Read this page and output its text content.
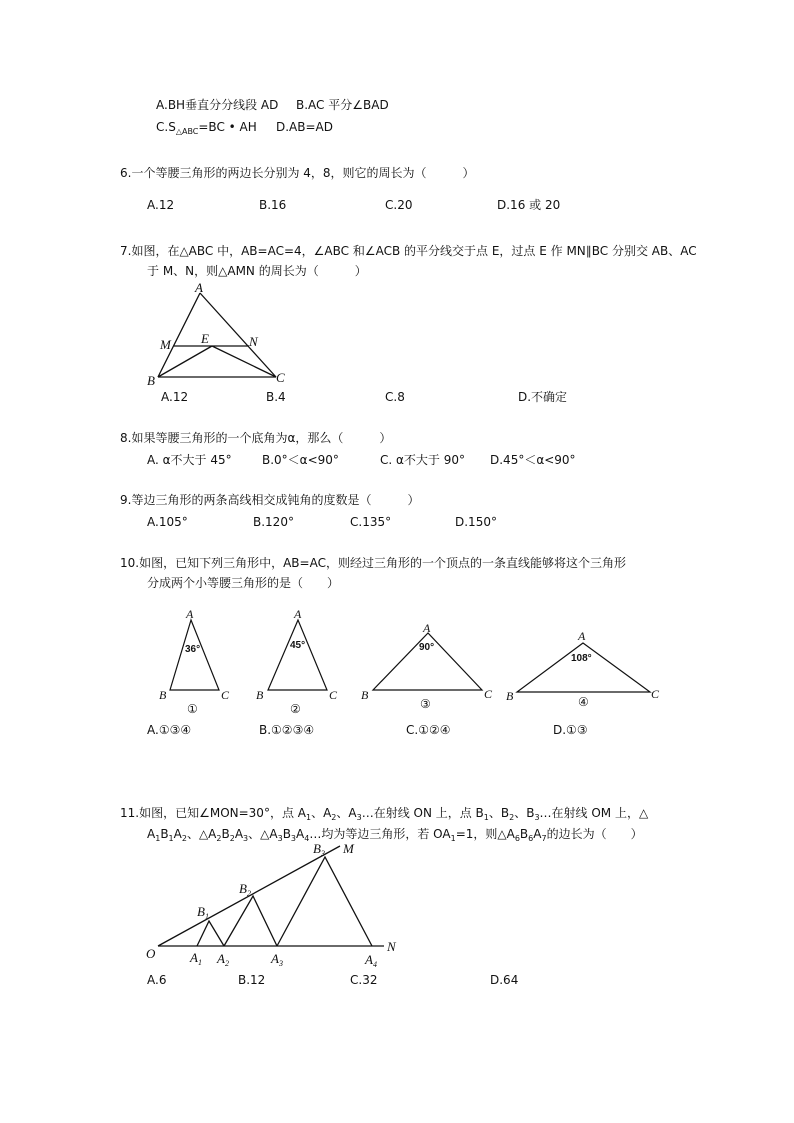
A.BH垂直分分线段 AD B.AC 平分∠BAD
$C.S_{\triangle ABC}=BC$ • AH D.AB=AD
6.一个等腰三角形的两边长分别为 4，8，则它的周长为（　　　）
A.12	B.16	C.20	D.16 或 20
7.如图，在△ABC 中，AB=AC=4，∠ABC 和∠ACB 的平分线交于点 E，过点 E 作 MN∥BC 分别交 AB、AC
于 M、N，则△AMN 的周长为（　　　）
A
M E	N
B	C
A.12	B.4	C.8	D.不确定
8.如果等腰三角形的一个底角为α，那么（　　　）
A. α不大于 45°	B.0°＜α<90°	C. α不大于 90° D.45°＜α<90°
9.等边三角形的两条高线相交成钝角的度数是（　　　）
A.105°	B.120°	C.135°	D.150°
10.如图，已知下列三角形中，AB=AC，则经过三角形的一个顶点的一条直线能够将这个三角形
分成两个小等腰三角形的是（　　）
A
36°
B	C
①
A
45°
B	C
②
A
90°
B	C
③
A
108°
B	C
④
A.①③④	B.①②③④	C.①②④	D.①③
11.如图，已知∠MON=30°，点 $A_1$、$A_2$、$A_3\dots$在射线 ON 上，点 $B_1$、$B_2$、$B_3\dots$在射线 OM 上，△
$A_1B_1A_2$、$\triangle A_2B_2A_3$、$\triangle A_3B_3A_4\dots$均为等边三角形，若 $OA_1=1$，则$\triangle A_6B_6A_7$的边长为（　　）
O	N
M
$A_1$ $A_2$	$A_3$	$A_4$
$B_1$
$B_2$
$B_3$
A.6	B.12	C.32	D.64
